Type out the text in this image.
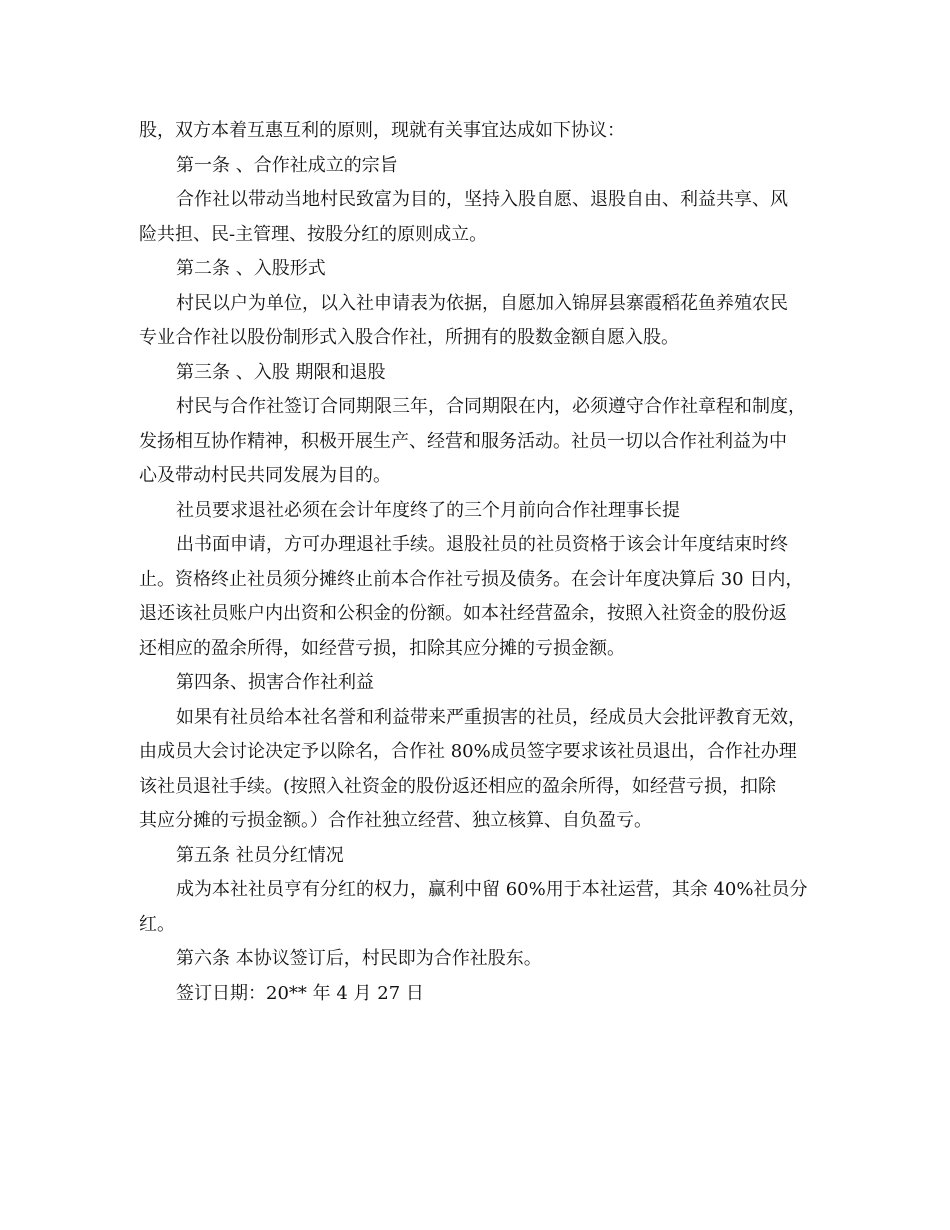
股，双方本着互惠互利的原则，现就有关事宜达成如下协议：
第一条 、合作社成立的宗旨
合作社以带动当地村民致富为目的，坚持入股自愿、退股自由、利益共享、风
险共担、民-主管理、按股分红的原则成立。
第二条 、入股形式
村民以户为单位，以入社申请表为依据，自愿加入锦屏县寨霞稻花鱼养殖农民
专业合作社以股份制形式入股合作社，所拥有的股数金额自愿入股。
第三条 、入股 期限和退股
村民与合作社签订合同期限三年，合同期限在内，必须遵守合作社章程和制度，
发扬相互协作精神，积极开展生产、经营和服务活动。社员一切以合作社利益为中
心及带动村民共同发展为目的。
社员要求退社必须在会计年度终了的三个月前向合作社理事长提
出书面申请，方可办理退社手续。退股社员的社员资格于该会计年度结束时终
止。资格终止社员须分摊终止前本合作社亏损及债务。在会计年度决算后 30 日内，
退还该社员账户内出资和公积金的份额。如本社经营盈余，按照入社资金的股份返
还相应的盈余所得，如经营亏损，扣除其应分摊的亏损金额。
第四条、损害合作社利益
如果有社员给本社名誉和利益带来严重损害的社员，经成员大会批评教育无效，
由成员大会讨论决定予以除名，合作社 80%成员签字要求该社员退出，合作社办理
该社员退社手续。(按照入社资金的股份返还相应的盈余所得，如经营亏损，扣除
其应分摊的亏损金额。）合作社独立经营、独立核算、自负盈亏。
第五条 社员分红情况
成为本社社员亨有分红的权力，赢利中留 60%用于本社运营，其余 40%社员分
红。
第六条 本协议签订后，村民即为合作社股东。
签订日期：20** 年 4 月 27 日
